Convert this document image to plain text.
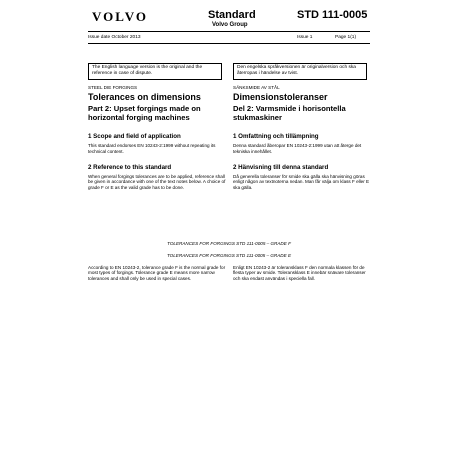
VOLVO	Standard
Volvo Group
STD 111-0005
Issue date October 2013	Issue 1	Page 1(1)
The English language version is the original and the reference in case of dispute.
Den engelska språkversionen är originalversion och ska återropas i händelse av tvist.
STEEL DIE FORGINGS
Tolerances on dimensions
Part 2: Upset forgings made on horizontal forging machines
1 Scope and field of application
This standard endorses EN 10243-2:1999 without repeating its technical content.
2 Reference to this standard
When general forgings tolerances are to be applied, reference shall be given in accordance with one of the text notes below. A choice of grade F or E as the valid grade has to be done.
SÄNKSMIDE AV STÅL
Dimensionstoleranser
Del 2: Varmsmide i horisontella stukmaskiner
1 Omfattning och tillämpning
Denna standard åberopar EN 10243-2:1999 utan att återge det tekniska innehållet.
2 Hänvisning till denna standard
Då generella toleranser för smide ska gälla ska hänvisning göras enligt någon av textnoterna nedan. Man får välja om klass F eller E ska gälla.
TOLERANCES FOR FORGINGS STD 111-0005 – GRADE F
TOLERANCES FOR FORGINGS STD 111-0005 – GRADE E
According to EN 10243-2, tolerance grade F is the normal grade for most types of forgings. Tolerance grade E means more narrow tolerances and shall only be used in special cases.
Enligt EN 10243-2 är toleransklass F den normala klassen för de flesta typer av smide. Toleransklass E innebär snävare toleranser och ska endast användas i speciella fall.
